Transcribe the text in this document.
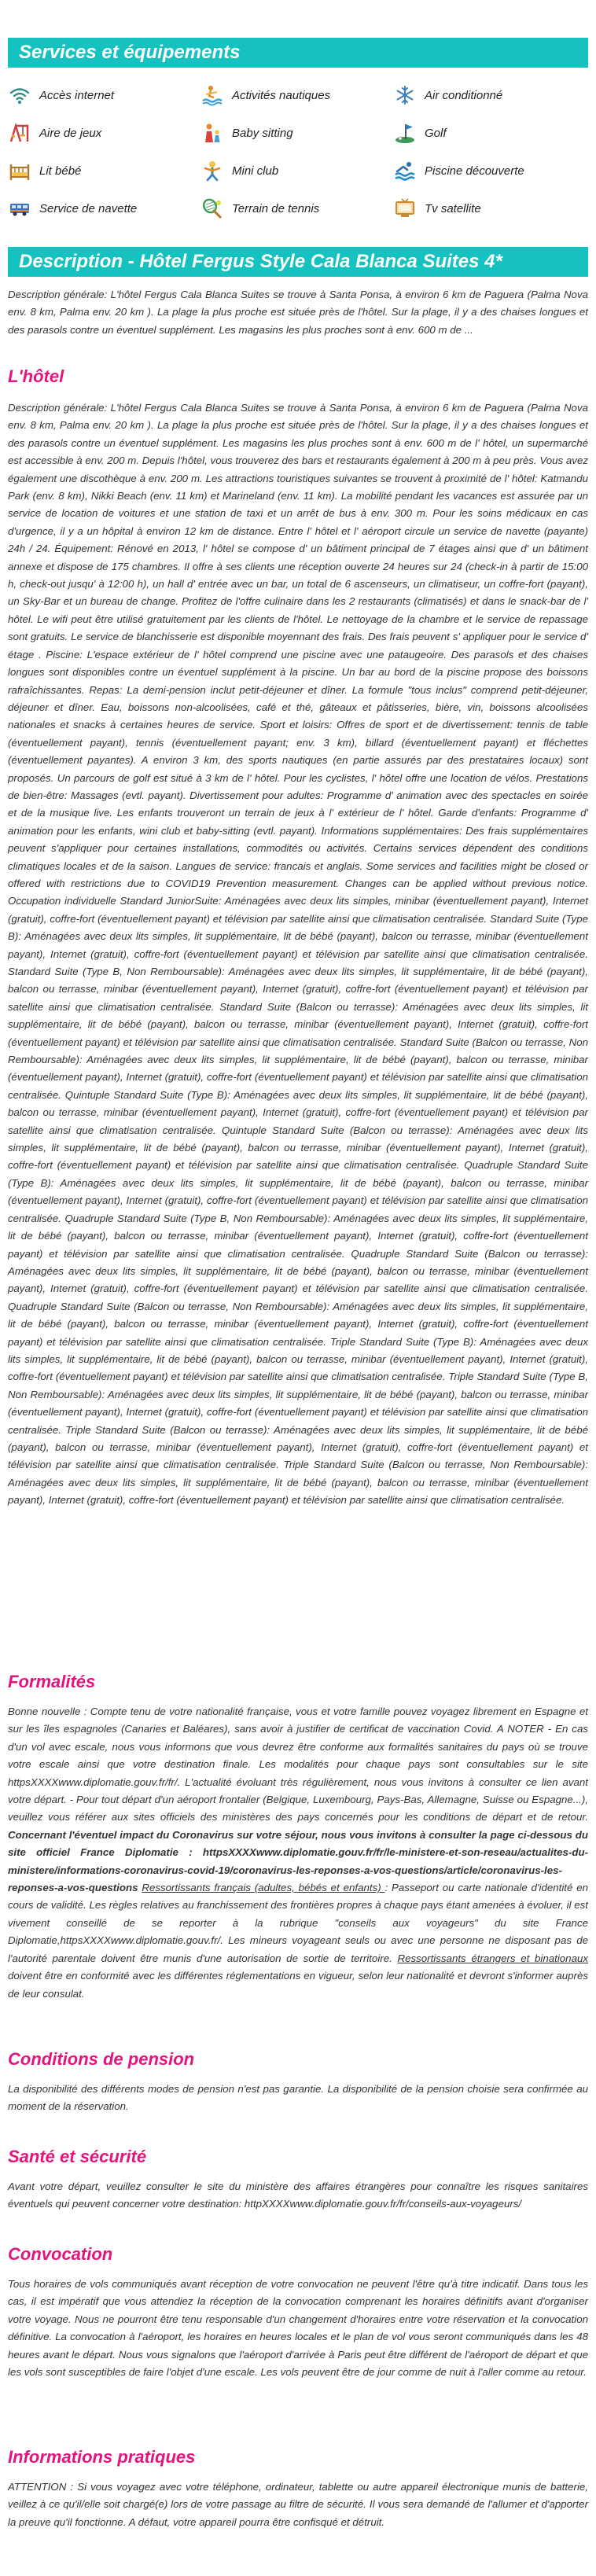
Services et équipements
Accès internet	Activités nautiques	Air conditionné
Aire de jeux	Baby sitting	Golf
Lit bébé	Mini club	Piscine découverte
Service de navette	Terrain de tennis	Tv satellite
Description - Hôtel Fergus Style Cala Blanca Suites 4*

Description générale: L'hôtel Fergus Cala Blanca Suites se trouve à Santa Ponsa, à environ 6 km de Paguera (Palma Nova env. 8 km, Palma env. 20 km ). La plage la plus proche est située près de l'hôtel. Sur la plage, il y a des chaises longues et des parasols contre un éventuel supplément. Les magasins les plus proches sont à env. 600 m de ...

L'hôtel

Description générale: L'hôtel Fergus Cala Blanca Suites se trouve à Santa Ponsa, à environ 6 km de Paguera (Palma Nova env. 8 km, Palma env. 20 km ). La plage la plus proche est située près de l'hôtel. Sur la plage, il y a des chaises longues et des parasols contre un éventuel supplément. Les magasins les plus proches sont à env. 600 m de l' hôtel, un supermarché est accessible à env. 200 m. Depuis l'hôtel, vous trouverez des bars et restaurants également à 200 m à peu près. Vous avez également une discothèque à env. 200 m. Les attractions touristiques suivantes se trouvent à proximité de l' hôtel: Katmandu Park (env. 8 km), Nikki Beach (env. 11 km) et Marineland (env. 11 km). La mobilité pendant les vacances est assurée par un service de location de voitures et une station de taxi et un arrêt de bus à env. 300 m. Pour les soins médicaux en cas d'urgence, il y a un hôpital à environ 12 km de distance. Entre l' hôtel et l' aéroport circule un service de navette (payante) 24h / 24. Équipement: Rénové en 2013, l' hôtel se compose d' un bâtiment principal de 7 étages ainsi que d' un bâtiment annexe et dispose de 175 chambres. Il offre à ses clients une réception ouverte 24 heures sur 24 (check-in à partir de 15:00 h, check-out jusqu' à 12:00 h), un hall d' entrée avec un bar, un total de 6 ascenseurs, un climatiseur, un coffre-fort (payant), un Sky-Bar et un bureau de change. Profitez de l'offre culinaire dans les 2 restaurants (climatisés) et dans le snack-bar de l' hôtel. Le wifi peut être utilisé gratuitement par les clients de l'hôtel. Le nettoyage de la chambre et le service de repassage sont gratuits. Le service de blanchisserie est disponible moyennant des frais. Des frais peuvent s' appliquer pour le service d' étage . Piscine: L'espace extérieur de l' hôtel comprend une piscine avec une pataugeoire. Des parasols et des chaises longues sont disponibles contre un éventuel supplément à la piscine. Un bar au bord de la piscine propose des boissons rafraîchissantes. Repas: La demi-pension inclut petit-déjeuner et dîner. La formule "tous inclus" comprend petit-déjeuner, déjeuner et dîner. Eau, boissons non-alcoolisées, café et thé, gâteaux et pâtisseries, bière, vin, boissons alcoolisées nationales et snacks à certaines heures de service. Sport et loisirs: Offres de sport et de divertissement: tennis de table (éventuellement payant), tennis (éventuellement payant; env. 3 km), billard (éventuellement payant) et fléchettes (éventuellement payantes). A environ 3 km, des sports nautiques (en partie assurés par des prestataires locaux) sont proposés. Un parcours de golf est situé à 3 km de l' hôtel. Pour les cyclistes, l' hôtel offre une location de vélos. Prestations de bien-être: Massages (evtl. payant). Divertissement pour adultes: Programme d' animation avec des spectacles en soirée et de la musique live. Les enfants trouveront un terrain de jeux à l' extérieur de l' hôtel. Garde d'enfants: Programme d' animation pour les enfants, wini club et baby-sitting (evtl. payant). Informations supplémentaires: Des frais supplémentaires peuvent s'appliquer pour certaines installations, commodités ou activités. Certains services dépendent des conditions climatiques locales et de la saison. Langues de service: francais et anglais. Some services and facilities might be closed or offered with restrictions due to COVID19 Prevention measurement. Changes can be applied without previous notice. Occupation individuelle Standard JuniorSuite: Aménagées avec deux lits simples, minibar (éventuellement payant), Internet (gratuit), coffre-fort (éventuellement payant) et télévision par satellite ainsi que climatisation centralisée. Standard Suite (Type B): Aménagées avec deux lits simples, lit supplémentaire, lit de bébé (payant), balcon ou terrasse, minibar (éventuellement payant), Internet (gratuit), coffre-fort (éventuellement payant) et télévision par satellite ainsi que climatisation centralisée. Standard Suite (Type B, Non Remboursable): Aménagées avec deux lits simples, lit supplémentaire, lit de bébé (payant), balcon ou terrasse, minibar (éventuellement payant), Internet (gratuit), coffre-fort (éventuellement payant) et télévision par satellite ainsi que climatisation centralisée. Standard Suite (Balcon ou terrasse): Aménagées avec deux lits simples, lit supplémentaire, lit de bébé (payant), balcon ou terrasse, minibar (éventuellement payant), Internet (gratuit), coffre-fort (éventuellement payant) et télévision par satellite ainsi que climatisation centralisée. Standard Suite (Balcon ou terrasse, Non Remboursable): Aménagées avec deux lits simples, lit supplémentaire, lit de bébé (payant), balcon ou terrasse, minibar (éventuellement payant), Internet (gratuit), coffre-fort (éventuellement payant) et télévision par satellite ainsi que climatisation centralisée. Quintuple Standard Suite (Type B): Aménagées avec deux lits simples, lit supplémentaire, lit de bébé (payant), balcon ou terrasse, minibar (éventuellement payant), Internet (gratuit), coffre-fort (éventuellement payant) et télévision par satellite ainsi que climatisation centralisée. Quintuple Standard Suite (Balcon ou terrasse): Aménagées avec deux lits simples, lit supplémentaire, lit de bébé (payant), balcon ou terrasse, minibar (éventuellement payant), Internet (gratuit), coffre-fort (éventuellement payant) et télévision par satellite ainsi que climatisation centralisée. Quadruple Standard Suite (Type B): Aménagées avec deux lits simples, lit supplémentaire, lit de bébé (payant), balcon ou terrasse, minibar (éventuellement payant), Internet (gratuit), coffre-fort (éventuellement payant) et télévision par satellite ainsi que climatisation centralisée. Quadruple Standard Suite (Type B, Non Remboursable): Aménagées avec deux lits simples, lit supplémentaire, lit de bébé (payant), balcon ou terrasse, minibar (éventuellement payant), Internet (gratuit), coffre-fort (éventuellement payant) et télévision par satellite ainsi que climatisation centralisée. Quadruple Standard Suite (Balcon ou terrasse): Aménagées avec deux lits simples, lit supplémentaire, lit de bébé (payant), balcon ou terrasse, minibar (éventuellement payant), Internet (gratuit), coffre-fort (éventuellement payant) et télévision par satellite ainsi que climatisation centralisée. Quadruple Standard Suite (Balcon ou terrasse, Non Remboursable): Aménagées avec deux lits simples, lit supplémentaire, lit de bébé (payant), balcon ou terrasse, minibar (éventuellement payant), Internet (gratuit), coffre-fort (éventuellement payant) et télévision par satellite ainsi que climatisation centralisée. Triple Standard Suite (Type B): Aménagées avec deux lits simples, lit supplémentaire, lit de bébé (payant), balcon ou terrasse, minibar (éventuellement payant), Internet (gratuit), coffre-fort (éventuellement payant) et télévision par satellite ainsi que climatisation centralisée. Triple Standard Suite (Type B, Non Remboursable): Aménagées avec deux lits simples, lit supplémentaire, lit de bébé (payant), balcon ou terrasse, minibar (éventuellement payant), Internet (gratuit), coffre-fort (éventuellement payant) et télévision par satellite ainsi que climatisation centralisée. Triple Standard Suite (Balcon ou terrasse): Aménagées avec deux lits simples, lit supplémentaire, lit de bébé (payant), balcon ou terrasse, minibar (éventuellement payant), Internet (gratuit), coffre-fort (éventuellement payant) et télévision par satellite ainsi que climatisation centralisée. Triple Standard Suite (Balcon ou terrasse, Non Remboursable): Aménagées avec deux lits simples, lit supplémentaire, lit de bébé (payant), balcon ou terrasse, minibar (éventuellement payant), Internet (gratuit), coffre-fort (éventuellement payant) et télévision par satellite ainsi que climatisation centralisée.

Formalités

Bonne nouvelle : Compte tenu de votre nationalité française, vous et votre famille pouvez voyagez librement en Espagne et sur les îles espagnoles (Canaries et Baléares), sans avoir à justifier de certificat de vaccination Covid. A NOTER - En cas d'un vol avec escale, nous vous informons que vous devrez être conforme aux formalités sanitaires du pays où se trouve votre escale ainsi que votre destination finale. Les modalités pour chaque pays sont consultables sur le site httpsXXXXwww.diplomatie.gouv.fr/fr/. L'actualité évoluant très régulièrement, nous vous invitons à consulter ce lien avant votre départ. - Pour tout départ d'un aéroport frontalier (Belgique, Luxembourg, Pays-Bas, Allemagne, Suisse ou Espagne...), veuillez vous référer aux sites officiels des ministères des pays concernés pour les conditions de départ et de retour. Concernant l'éventuel impact du Coronavirus sur votre séjour, nous vous invitons à consulter la page ci-dessous du site officiel France Diplomatie : httpsXXXXwww.diplomatie.gouv.fr/fr/le-ministere-et-son-reseau/actualites-du-ministere/informations-coronavirus-covid-19/coronavirus-les-reponses-a-vos-questions/article/coronavirus-les-reponses-a-vos-questions Ressortissants français (adultes, bébés et enfants) : Passeport ou carte nationale d'identité en cours de validité. Les règles relatives au franchissement des frontières propres à chaque pays étant amenées à évoluer, il est vivement conseillé de se reporter à la rubrique "conseils aux voyageurs" du site France Diplomatie,httpsXXXXwww.diplomatie.gouv.fr/. Les mineurs voyageant seuls ou avec une personne ne disposant pas de l'autorité parentale doivent être munis d'une autorisation de sortie de territoire. Ressortissants étrangers et binationaux doivent être en conformité avec les différentes réglementations en vigueur, selon leur nationalité et devront s'informer auprès de leur consulat.

Conditions de pension

La disponibilité des différents modes de pension n'est pas garantie. La disponibilité de la pension choisie sera confirmée au moment de la réservation.

Santé et sécurité

Avant votre départ, veuillez consulter le site du ministère des affaires étrangères pour connaître les risques sanitaires éventuels qui peuvent concerner votre destination: httpXXXXwww.diplomatie.gouv.fr/fr/conseils-aux-voyageurs/

Convocation

Tous horaires de vols communiqués avant réception de votre convocation ne peuvent l'être qu'à titre indicatif. Dans tous les cas, il est impératif que vous attendiez la réception de la convocation comprenant les horaires définitifs avant d'organiser votre voyage. Nous ne pourront être tenu responsable d'un changement d'horaires entre votre réservation et la convocation définitive. La convocation à l'aéroport, les horaires en heures locales et le plan de vol vous seront communiqués dans les 48 heures avant le départ. Nous vous signalons que l'aéroport d'arrivée à Paris peut être différent de l'aéroport de départ et que les vols sont susceptibles de faire l'objet d'une escale. Les vols peuvent être de jour comme de nuit à l'aller comme au retour.

Informations pratiques

ATTENTION : Si vous voyagez avec votre téléphone, ordinateur, tablette ou autre appareil électronique munis de batterie, veillez à ce qu'il/elle soit chargé(e) lors de votre passage au filtre de sécurité. Il vous sera demandé de l'allumer et d'apporter la preuve qu'il fonctionne. A défaut, votre appareil pourra être confisqué et détruit.
